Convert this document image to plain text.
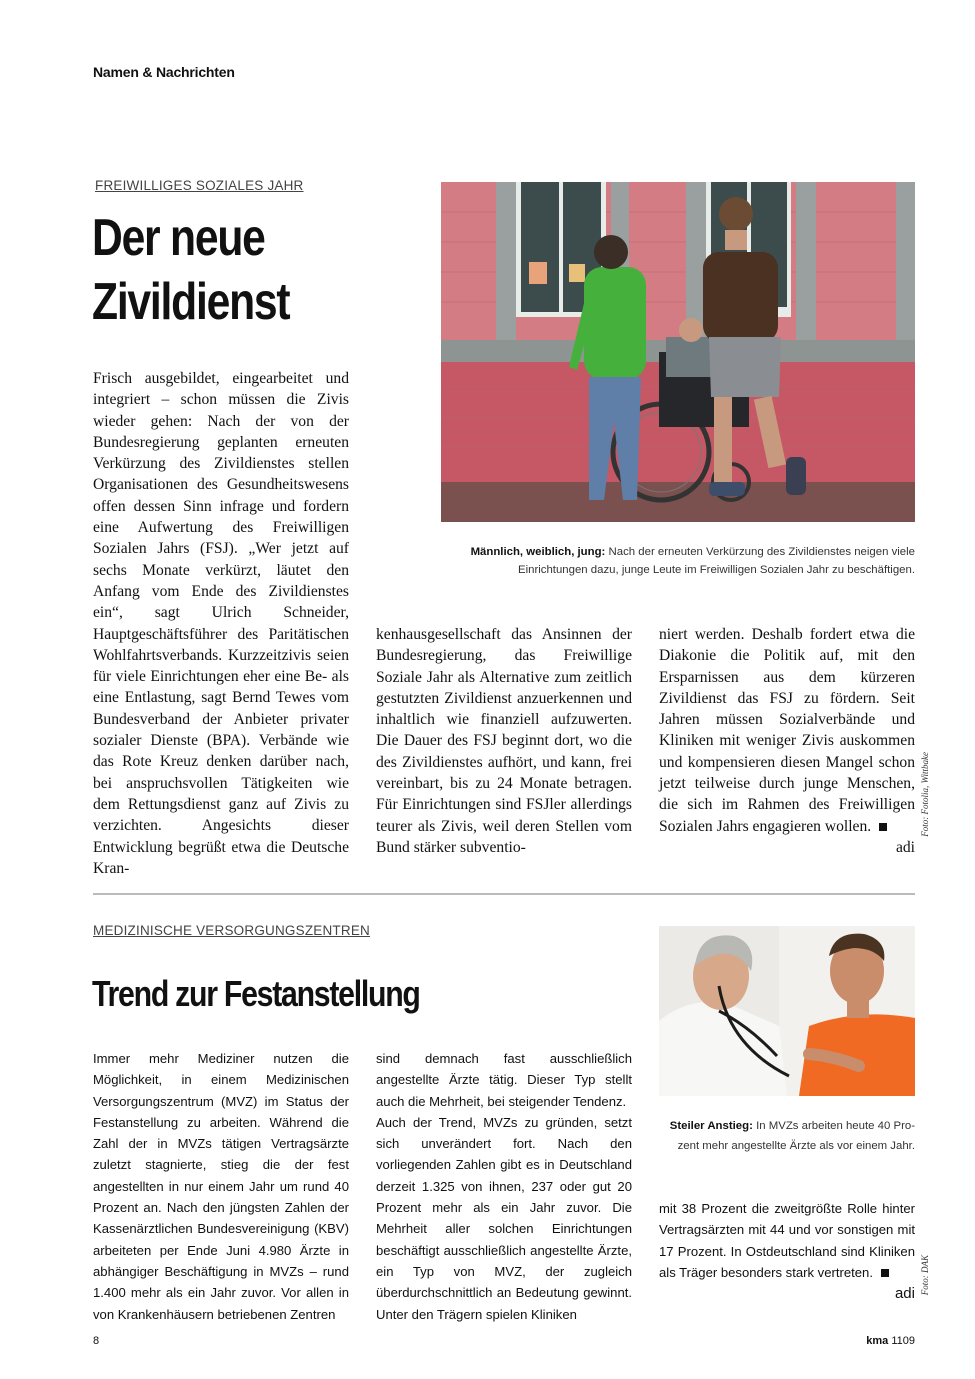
Namen & Nachrichten
FREIWILLIGES SOZIALES JAHR
Der neue
Zivildienst
Männlich, weiblich, jung: Nach der erneuten Verkürzung des Zivildienstes neigen viele
Einrichtungen dazu, junge Leute im Freiwilligen Sozialen Jahr zu beschäftigen.
Frisch ausgebildet, eingearbeitet und integriert – schon müssen die Zivis wieder gehen: Nach der von der Bundesregierung geplanten erneuten Verkürzung des Zivildienstes stellen Organisationen des Gesundheitswesens offen dessen Sinn infrage und fordern eine Aufwertung des Freiwilligen Sozialen Jahrs (FSJ). „Wer jetzt auf sechs Monate verkürzt, läutet den Anfang vom Ende des Zivildienstes ein“, sagt Ulrich Schneider, Hauptgeschäftsführer des Paritätischen Wohlfahrtsverbands. Kurzzeitzivis seien für viele Einrichtungen eher eine Be- als eine Entlastung, sagt Bernd Tewes vom Bundesverband der Anbieter privater sozialer Dienste (BPA). Verbände wie das Rote Kreuz denken darüber nach, bei anspruchsvollen Tätigkeiten wie dem Rettungsdienst ganz auf Zivis zu verzichten. Angesichts dieser Entwicklung begrüßt etwa die Deutsche Kran-
kenhausgesellschaft das Ansinnen der Bundesregierung, das Freiwillige Soziale Jahr als Alternative zum zeitlich gestutzten Zivildienst anzuerkennen und inhaltlich wie finanziell aufzuwerten. Die Dauer des FSJ beginnt dort, wo die des Zivildienstes aufhört, und kann, frei vereinbart, bis zu 24 Monate betragen. Für Einrichtungen sind FSJler allerdings teurer als Zivis, weil deren Stellen vom Bund stärker subventio-
niert werden. Deshalb fordert etwa die Diakonie die Politik auf, mit den Ersparnissen aus dem kürzeren Zivildienst das FSJ zu fördern. Seit Jahren müssen Sozialverbände und Kliniken mit weniger Zivis auskommen und kompensieren diesen Mangel schon jetzt teilweise durch junge Menschen, die sich im Rahmen des Freiwilligen Sozialen Jahrs engagieren wollen.
adi
Foto: Fotolia, Wittbake
MEDIZINISCHE VERSORGUNGSZENTREN
Trend zur Festanstellung
Steiler Anstieg: In MVZs arbeiten heute 40 Pro-
zent mehr angestellte Ärzte als vor einem Jahr.
Immer mehr Mediziner nutzen die Möglichkeit, in einem Medizinischen Versorgungszentrum (MVZ) im Status der Festanstellung zu arbeiten. Während die Zahl der in MVZs tätigen Vertragsärzte zuletzt stagnierte, stieg die der fest angestellten in nur einem Jahr um rund 40 Prozent an. Nach den jüngsten Zahlen der Kassenärztlichen Bundesvereinigung (KBV) arbeiteten per Ende Juni 4.980 Ärzte in abhängiger Beschäftigung in MVZs – rund 1.400 mehr als ein Jahr zuvor. Vor allen in von Krankenhäusern betriebenen Zentren
sind demnach fast ausschließlich angestellte Ärzte tätig. Dieser Typ stellt auch die Mehrheit, bei steigender Tendenz.
Auch der Trend, MVZs zu gründen, setzt sich unverändert fort. Nach den vorliegenden Zahlen gibt es in Deutschland derzeit 1.325 von ihnen, 237 oder gut 20 Prozent mehr als ein Jahr zuvor. Die Mehrheit aller solchen Einrichtungen beschäftigt ausschließlich angestellte Ärzte, ein Typ von MVZ, der zugleich überdurchschnittlich an Bedeutung gewinnt. Unter den Trägern spielen Kliniken
mit 38 Prozent die zweitgrößte Rolle hinter Vertragsärzten mit 44 und vor sonstigen mit 17 Prozent. In Ostdeutschland sind Kliniken als Träger besonders stark vertreten.
adi Foto: DAK
8	kma 1109
